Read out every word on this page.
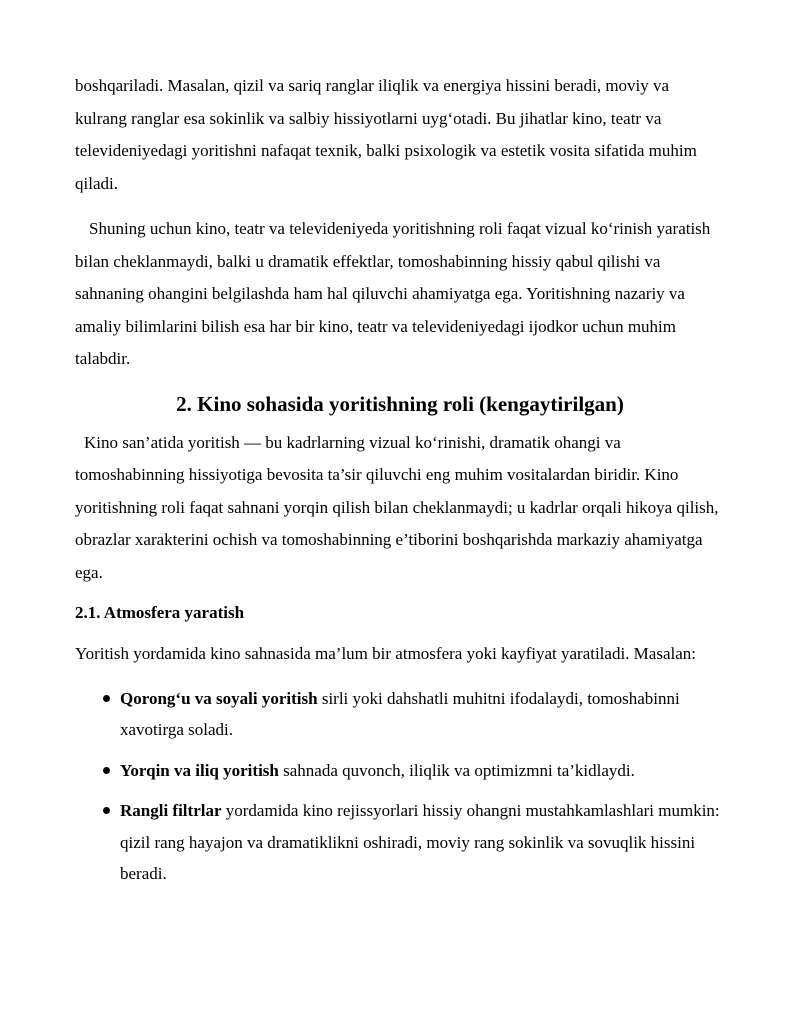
boshqariladi. Masalan, qizil va sariq ranglar iliqlik va energiya hissini beradi, moviy va kulrang ranglar esa sokinlik va salbiy hissiyotlarni uyg‘otadi. Bu jihatlar kino, teatr va televideniyedagi yoritishni nafaqat texnik, balki psixologik va estetik vosita sifatida muhim qiladi.

Shuning uchun kino, teatr va televideniyeda yoritishning roli faqat vizual ko‘rinish yaratish bilan cheklanmaydi, balki u dramatik effektlar, tomoshabinning hissiy qabul qilishi va sahnaning ohangini belgilashda ham hal qiluvchi ahamiyatga ega. Yoritishning nazariy va amaliy bilimlarini bilish esa har bir kino, teatr va televideniyedagi ijodkor uchun muhim talabdir.

2. Kino sohasida yoritishning roli (kengaytirilgan)

Kino san’atida yoritish — bu kadrlarning vizual ko‘rinishi, dramatik ohangi va tomoshabinning hissiyotiga bevosita ta’sir qiluvchi eng muhim vositalardan biridir. Kino yoritishning roli faqat sahnani yorqin qilish bilan cheklanmaydi; u kadrlar orqali hikoya qilish, obrazlar xarakterini ochish va tomoshabinning e’tiborini boshqarishda markaziy ahamiyatga ega.

2.1. Atmosfera yaratish

Yoritish yordamida kino sahnasida ma’lum bir atmosfera yoki kayfiyat yaratiladi. Masalan:

Qorong‘u va soyali yoritish sirli yoki dahshatli muhitni ifodalaydi, tomoshabinni xavotirga soladi.
Yorqin va iliq yoritish sahnada quvonch, iliqlik va optimizmni ta’kidlaydi.
Rangli filtrlar yordamida kino rejissyorlari hissiy ohangni mustahkamlashlari mumkin: qizil rang hayajon va dramatiklikni oshiradi, moviy rang sokinlik va sovuqlik hissini beradi.
